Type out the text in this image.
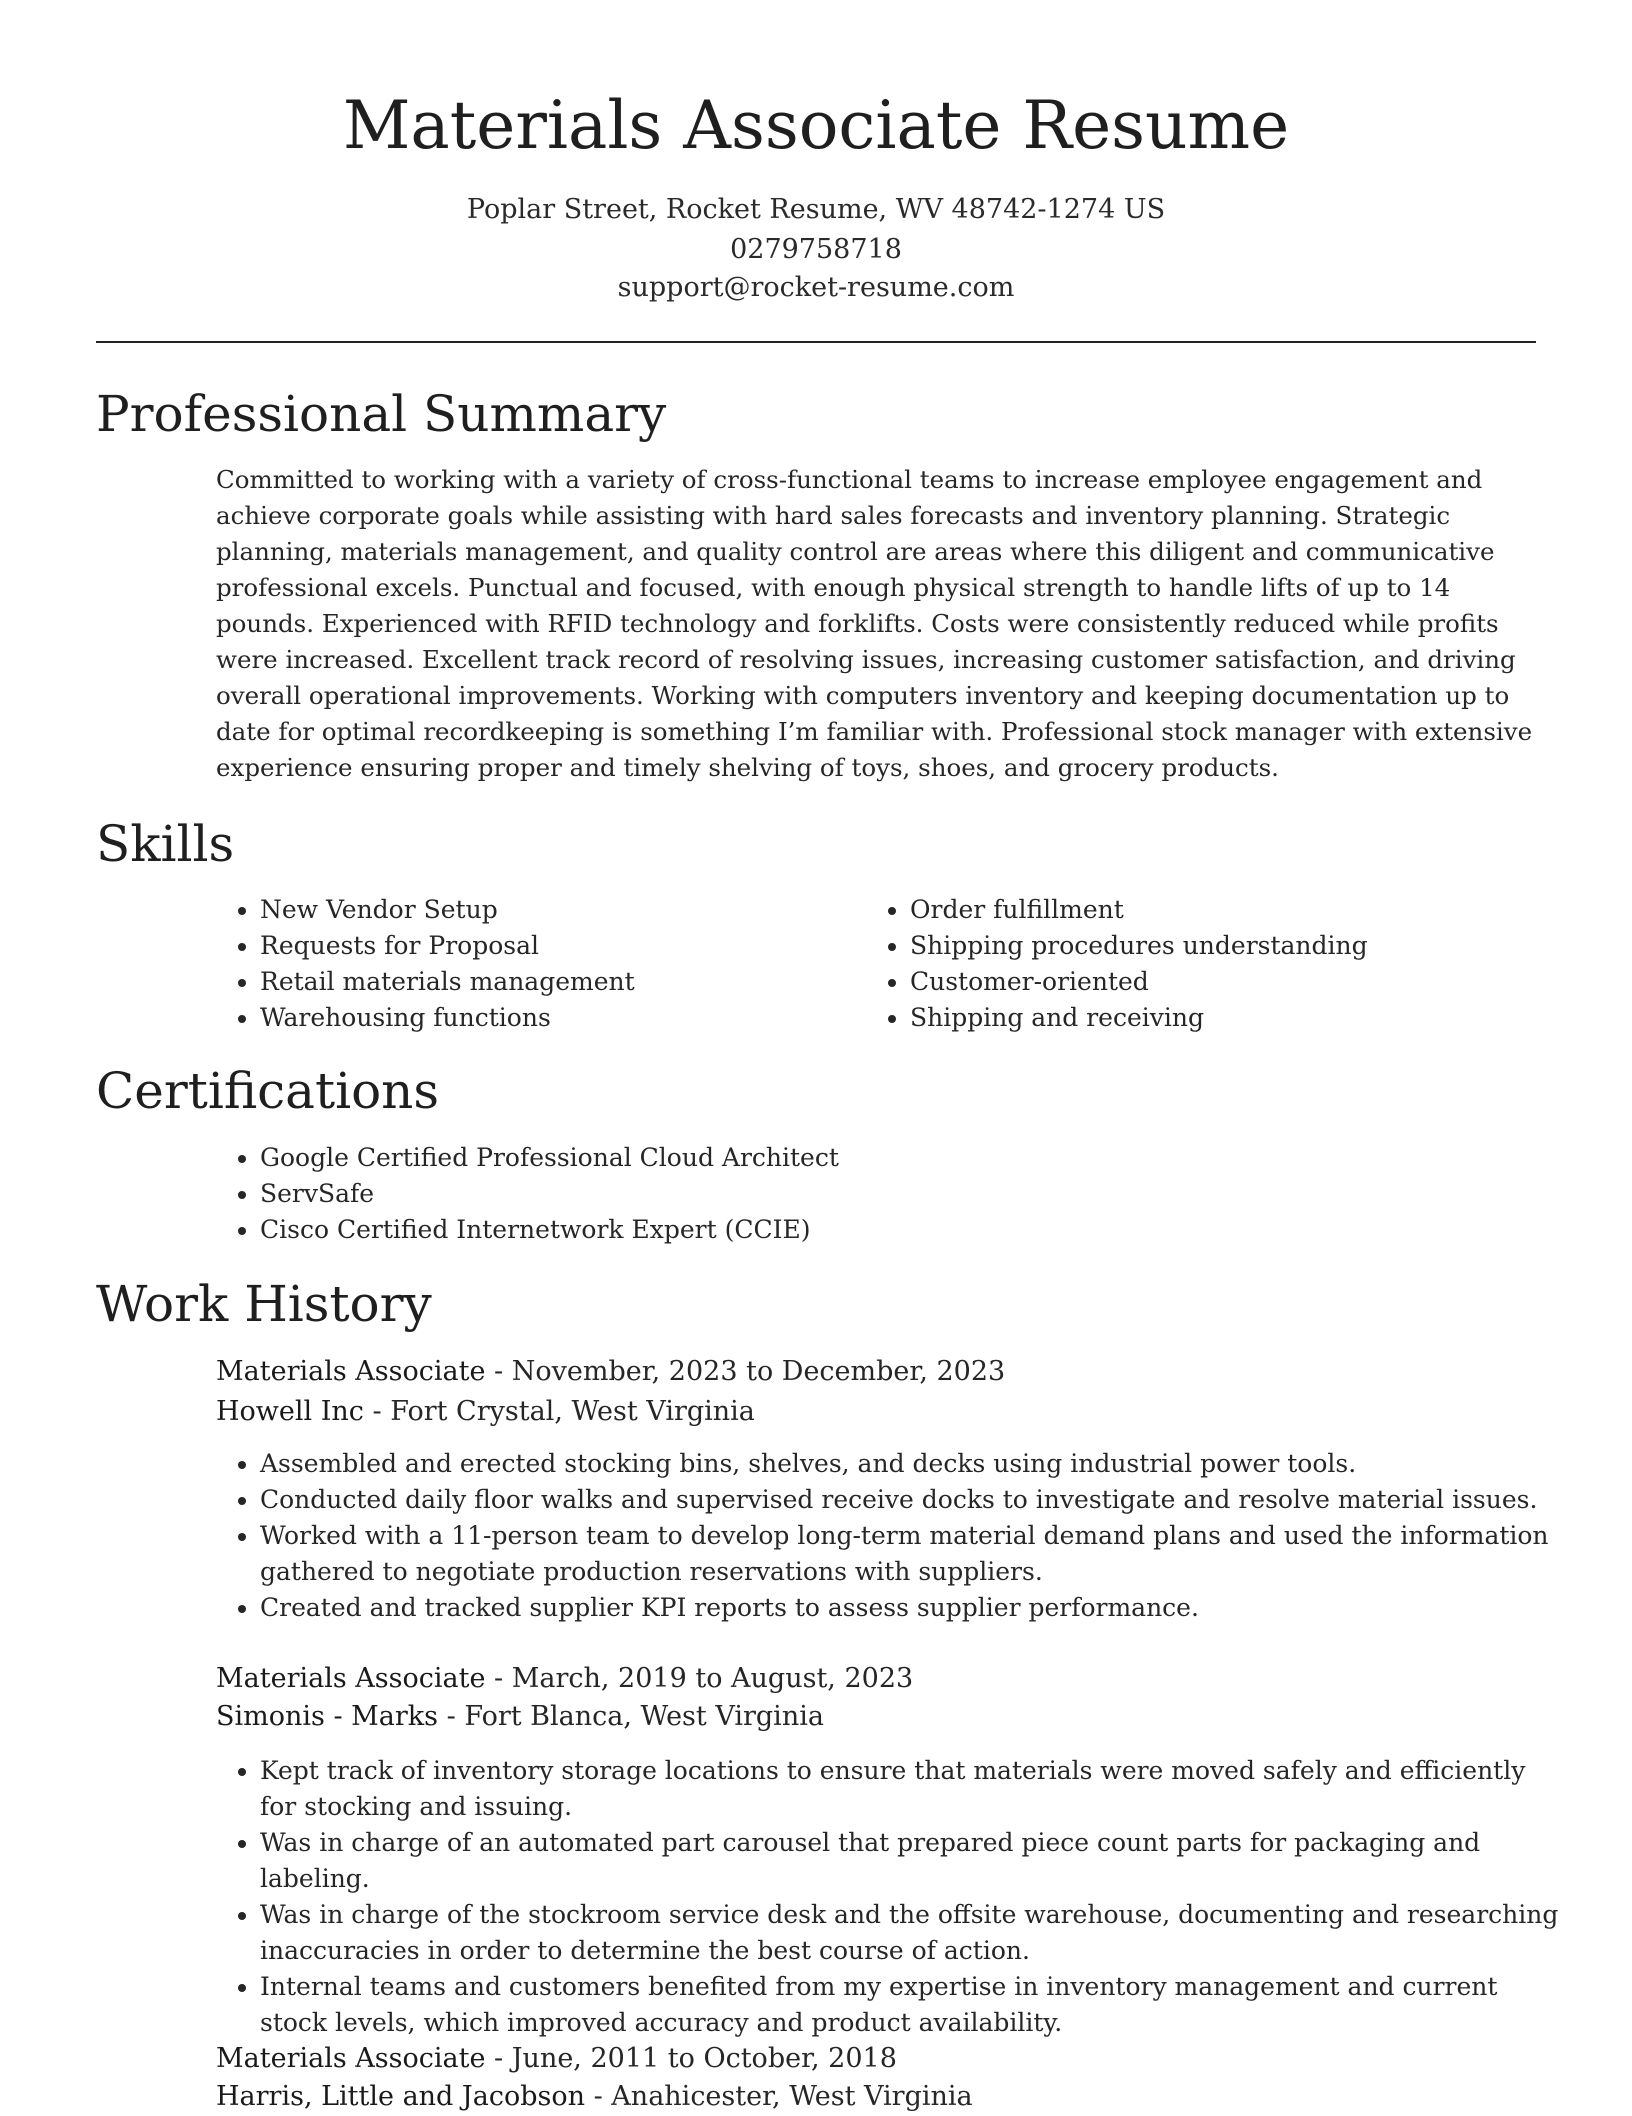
Materials Associate Resume
Poplar Street, Rocket Resume, WV 48742-1274 US
0279758718
support@rocket-resume.com
Professional Summary

Committed to working with a variety of cross-functional teams to increase employee engagement and achieve corporate goals while assisting with hard sales forecasts and inventory planning. Strategic planning, materials management, and quality control are areas where this diligent and communicative professional excels. Punctual and focused, with enough physical strength to handle lifts of up to 14 pounds. Experienced with RFID technology and forklifts. Costs were consistently reduced while profits were increased. Excellent track record of resolving issues, increasing customer satisfaction, and driving overall operational improvements. Working with computers inventory and keeping documentation up to date for optimal recordkeeping is something I’m familiar with. Professional stock manager with extensive experience ensuring proper and timely shelving of toys, shoes, and grocery products.

Skills
• New Vendor Setup
• Requests for Proposal
• Retail materials management
• Warehousing functions
• Order fulfillment
• Shipping procedures understanding
• Customer-oriented
• Shipping and receiving
Certifications
• Google Certified Professional Cloud Architect
• ServSafe
• Cisco Certified Internetwork Expert (CCIE)
Work History
Materials Associate - November, 2023 to December, 2023
Howell Inc - Fort Crystal, West Virginia
• Assembled and erected stocking bins, shelves, and decks using industrial power tools.
• Conducted daily floor walks and supervised receive docks to investigate and resolve material issues.
• Worked with a 11-person team to develop long-term material demand plans and used the information gathered to negotiate production reservations with suppliers.
• Created and tracked supplier KPI reports to assess supplier performance.
Materials Associate - March, 2019 to August, 2023
Simonis - Marks - Fort Blanca, West Virginia
• Kept track of inventory storage locations to ensure that materials were moved safely and efficiently for stocking and issuing.
• Was in charge of an automated part carousel that prepared piece count parts for packaging and labeling.
• Was in charge of the stockroom service desk and the offsite warehouse, documenting and researching inaccuracies in order to determine the best course of action.
• Internal teams and customers benefited from my expertise in inventory management and current stock levels, which improved accuracy and product availability.
Materials Associate - June, 2011 to October, 2018
Harris, Little and Jacobson - Anahicester, West Virginia
